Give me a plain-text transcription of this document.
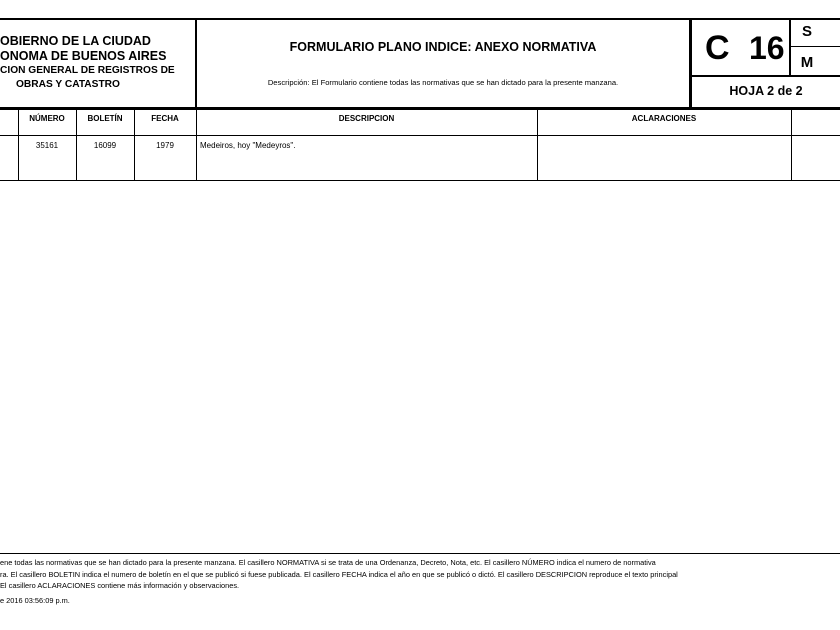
OBIERNO DE LA CIUDAD
ONOMA DE BUENOS AIRES
CION GENERAL DE REGISTROS DE
OBRAS Y CATASTRO
FORMULARIO PLANO INDICE: ANEXO NORMATIVA
Descripción: El Formulario contiene todas las normativas que se han dictado para la presente manzana.
C 16	S
M
HOJA 2 de 2
NÚMERO	BOLETÍN	FECHA	DESCRIPCION	ACLARACIONES
35161	16099	1979	Medeiros, hoy "Medeyros".
ene todas las normativas que se han dictado para la presente manzana. El casillero NORMATIVA si se trata de una Ordenanza, Decreto, Nota, etc. El casillero NÚMERO indica el numero de normativa
ra. El casillero BOLETIN indica el numero de boletín en el que se publicó si fuese publicada. El casillero FECHA indica el año en que se publicó o dictó. El casillero DESCRIPCION reproduce el texto principal
El casillero ACLARACIONES contiene más información y observaciones.
e 2016 03:56:09 p.m.
